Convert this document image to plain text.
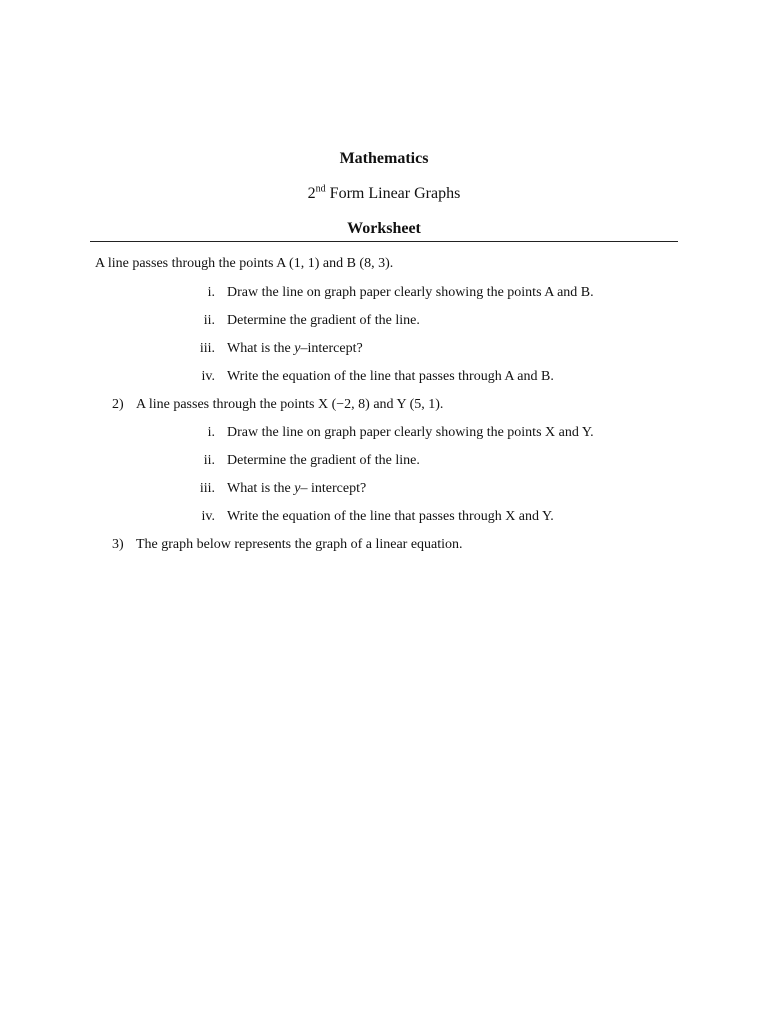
Mathematics
2nd Form Linear Graphs
Worksheet
A line passes through the points A (1, 1) and B (8, 3).
i. Draw the line on graph paper clearly showing the points A and B.
ii. Determine the gradient of the line.
iii. What is the y–intercept?
iv. Write the equation of the line that passes through A and B.
2) A line passes through the points X (−2, 8) and Y (5, 1).
i. Draw the line on graph paper clearly showing the points X and Y.
ii. Determine the gradient of the line.
iii. What is the y– intercept?
iv. Write the equation of the line that passes through X and Y.
3) The graph below represents the graph of a linear equation.
